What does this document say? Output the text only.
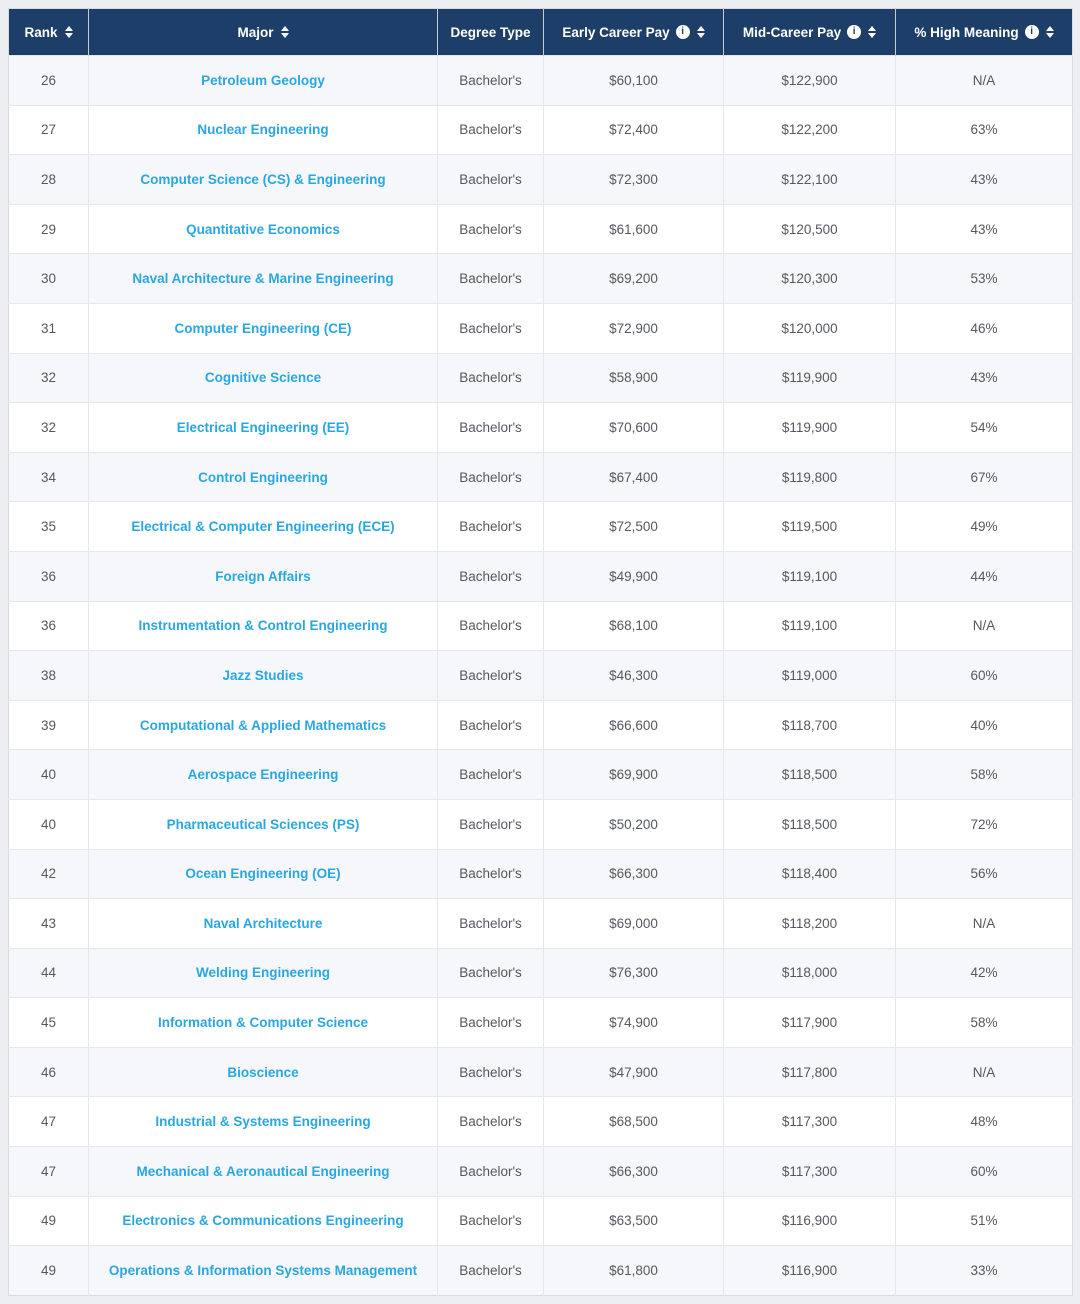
Rank	Major	Degree Type	Early Career Pay i	Mid-Career Pay i	% High Meaning i

26	Petroleum Geology	Bachelor's	$60,100	$122,900	N/A
27	Nuclear Engineering	Bachelor's	$72,400	$122,200	63%
28	Computer Science (CS) & Engineering	Bachelor's	$72,300	$122,100	43%
29	Quantitative Economics	Bachelor's	$61,600	$120,500	43%
30	Naval Architecture & Marine Engineering	Bachelor's	$69,200	$120,300	53%
31	Computer Engineering (CE)	Bachelor's	$72,900	$120,000	46%
32	Cognitive Science	Bachelor's	$58,900	$119,900	43%
32	Electrical Engineering (EE)	Bachelor's	$70,600	$119,900	54%
34	Control Engineering	Bachelor's	$67,400	$119,800	67%
35	Electrical & Computer Engineering (ECE)	Bachelor's	$72,500	$119,500	49%
36	Foreign Affairs	Bachelor's	$49,900	$119,100	44%
36	Instrumentation & Control Engineering	Bachelor's	$68,100	$119,100	N/A
38	Jazz Studies	Bachelor's	$46,300	$119,000	60%
39	Computational & Applied Mathematics	Bachelor's	$66,600	$118,700	40%
40	Aerospace Engineering	Bachelor's	$69,900	$118,500	58%
40	Pharmaceutical Sciences (PS)	Bachelor's	$50,200	$118,500	72%
42	Ocean Engineering (OE)	Bachelor's	$66,300	$118,400	56%
43	Naval Architecture	Bachelor's	$69,000	$118,200	N/A
44	Welding Engineering	Bachelor's	$76,300	$118,000	42%
45	Information & Computer Science	Bachelor's	$74,900	$117,900	58%
46	Bioscience	Bachelor's	$47,900	$117,800	N/A
47	Industrial & Systems Engineering	Bachelor's	$68,500	$117,300	48%
47	Mechanical & Aeronautical Engineering	Bachelor's	$66,300	$117,300	60%
49	Electronics & Communications Engineering	Bachelor's	$63,500	$116,900	51%
49	Operations & Information Systems Management	Bachelor's	$61,800	$116,900	33%
